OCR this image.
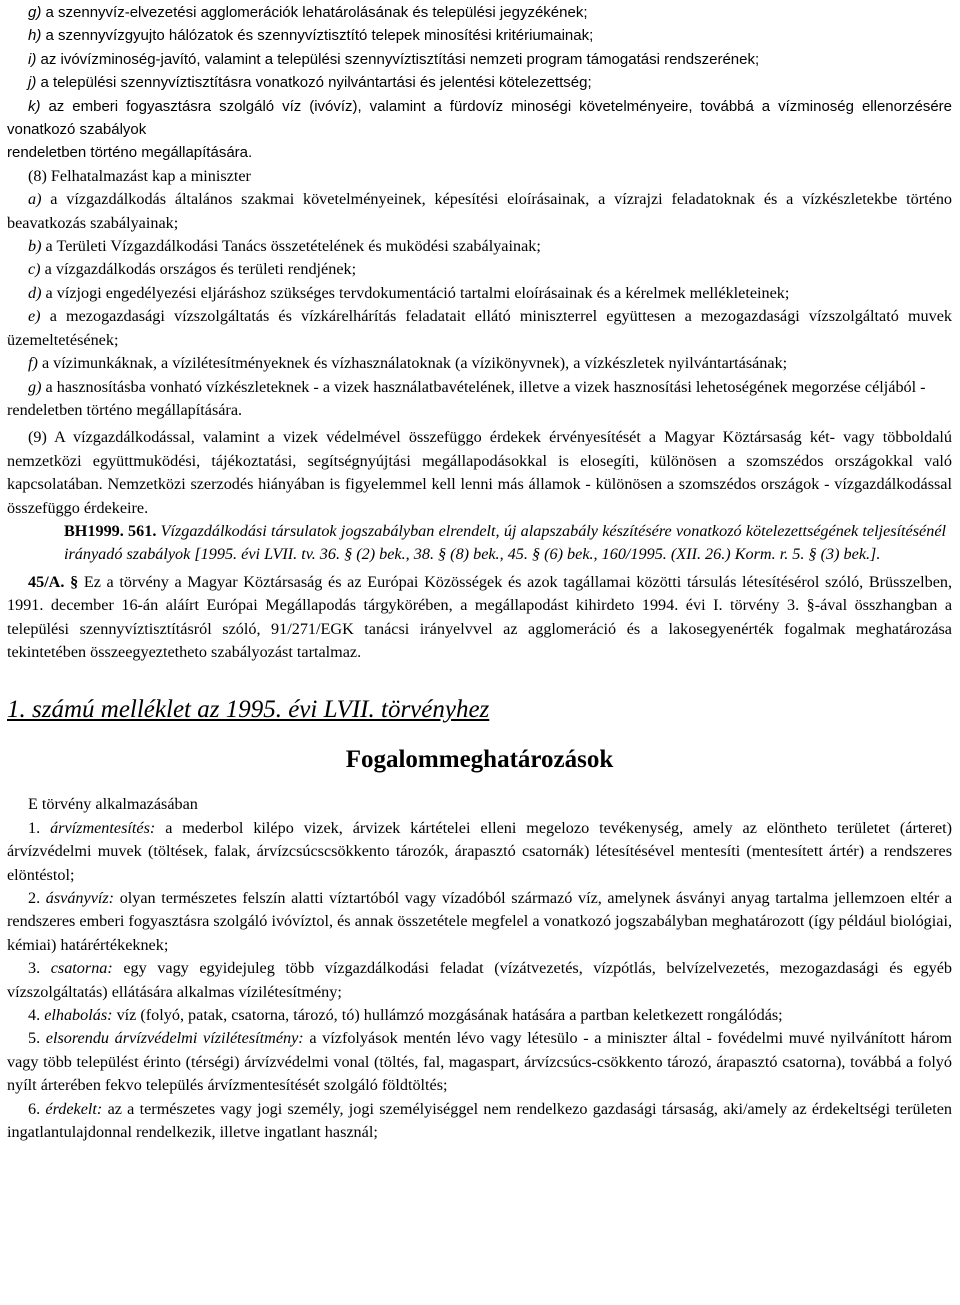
g) a szennyvíz-elvezetési agglomerációk lehatárolásának és települési jegyzékének;

h) a szennyvízgyujto hálózatok és szennyvíztisztító telepek minosítési kritériumainak;

i) az ivóvízminoség-javító, valamint a települési szennyvíztisztítási nemzeti program támogatási rendszerének;

j) a települési szennyvíztisztításra vonatkozó nyilvántartási és jelentési kötelezettség;

k) az emberi fogyasztásra szolgáló víz (ivóvíz), valamint a fürdovíz minoségi követelményeire, továbbá a vízminoség ellenorzésére vonatkozó szabályok

rendeletben történo megállapítására.

(8) Felhatalmazást kap a miniszter

a) a vízgazdálkodás általános szakmai követelményeinek, képesítési eloírásainak, a vízrajzi feladatoknak és a vízkészletekbe történo beavatkozás szabályainak;

b) a Területi Vízgazdálkodási Tanács összetételének és muködési szabályainak;

c) a vízgazdálkodás országos és területi rendjének;

d) a vízjogi engedélyezési eljáráshoz szükséges tervdokumentáció tartalmi eloírásainak és a kérelmek mellékleteinek;

e) a mezogazdasági vízszolgáltatás és vízkárelhárítás feladatait ellátó miniszterrel együttesen a mezogazdasági vízszolgáltató muvek üzemeltetésének;

f) a vízimunkáknak, a vízilétesítményeknek és vízhasználatoknak (a vízikönyvnek), a vízkészletek nyilvántartásának;

g) a hasznosításba vonható vízkészleteknek - a vizek használatbavételének, illetve a vizek hasznosítási lehetoségének megorzése céljából -

rendeletben történo megállapítására.

(9) A vízgazdálkodással, valamint a vizek védelmével összefüggo érdekek érvényesítését a Magyar Köztársaság két- vagy többoldalú nemzetközi együttmuködési, tájékoztatási, segítségnyújtási megállapodásokkal is elosegíti, különösen a szomszédos országokkal való kapcsolatában. Nemzetközi szerzodés hiányában is figyelemmel kell lenni más államok - különösen a szomszédos országok - vízgazdálkodással összefüggo érdekeire.

BH1999. 561. Vízgazdálkodási társulatok jogszabályban elrendelt, új alapszabály készítésére vonatkozó kötelezettségének teljesítésénél irányadó szabályok [1995. évi LVII. tv. 36. § (2) bek., 38. § (8) bek., 45. § (6) bek., 160/1995. (XII. 26.) Korm. r. 5. § (3) bek.].

45/A. § Ez a törvény a Magyar Köztársaság és az Európai Közösségek és azok tagállamai közötti társulás létesítésérol szóló, Brüsszelben, 1991. december 16-án aláírt Európai Megállapodás tárgykörében, a megállapodást kihirdeto 1994. évi I. törvény 3. §-ával összhangban a települési szennyvíztisztításról szóló, 91/271/EGK tanácsi irányelvvel az agglomeráció és a lakosegyenérték fogalmak meghatározása tekintetében összeegyeztetheto szabályozást tartalmaz.

1. számú melléklet az 1995. évi LVII. törvényhez
Fogalommeghatározások

E törvény alkalmazásában

1. árvízmentesítés: a mederbol kilépo vizek, árvizek kártételei elleni megelozo tevékenység, amely az elöntheto területet (árteret) árvízvédelmi muvek (töltések, falak, árvízcsúcscsökkento tározók, árapasztó csatornák) létesítésével mentesíti (mentesített ártér) a rendszeres elöntéstol;

2. ásványvíz: olyan természetes felszín alatti víztartóból vagy vízadóból származó víz, amelynek ásványi anyag tartalma jellemzoen eltér a rendszeres emberi fogyasztásra szolgáló ivóvíztol, és annak összetétele megfelel a vonatkozó jogszabályban meghatározott (így például biológiai, kémiai) határértékeknek;

3. csatorna: egy vagy egyidejuleg több vízgazdálkodási feladat (vízátvezetés, vízpótlás, belvízelvezetés, mezogazdasági és egyéb vízszolgáltatás) ellátására alkalmas vízilétesítmény;

4. elhabolás: víz (folyó, patak, csatorna, tározó, tó) hullámzó mozgásának hatására a partban keletkezett rongálódás;

5. elsorendu árvízvédelmi vízilétesítmény: a vízfolyások mentén lévo vagy létesülo - a miniszter által - fovédelmi muvé nyilvánított három vagy több települést érinto (térségi) árvízvédelmi vonal (töltés, fal, magaspart, árvízcsúcs-csökkento tározó, árapasztó csatorna), továbbá a folyó nyílt árterében fekvo település árvízmentesítését szolgáló földtöltés;

6. érdekelt: az a természetes vagy jogi személy, jogi személyiséggel nem rendelkezo gazdasági társaság, aki/amely az érdekeltségi területen ingatlantulajdonnal rendelkezik, illetve ingatlant használ;
